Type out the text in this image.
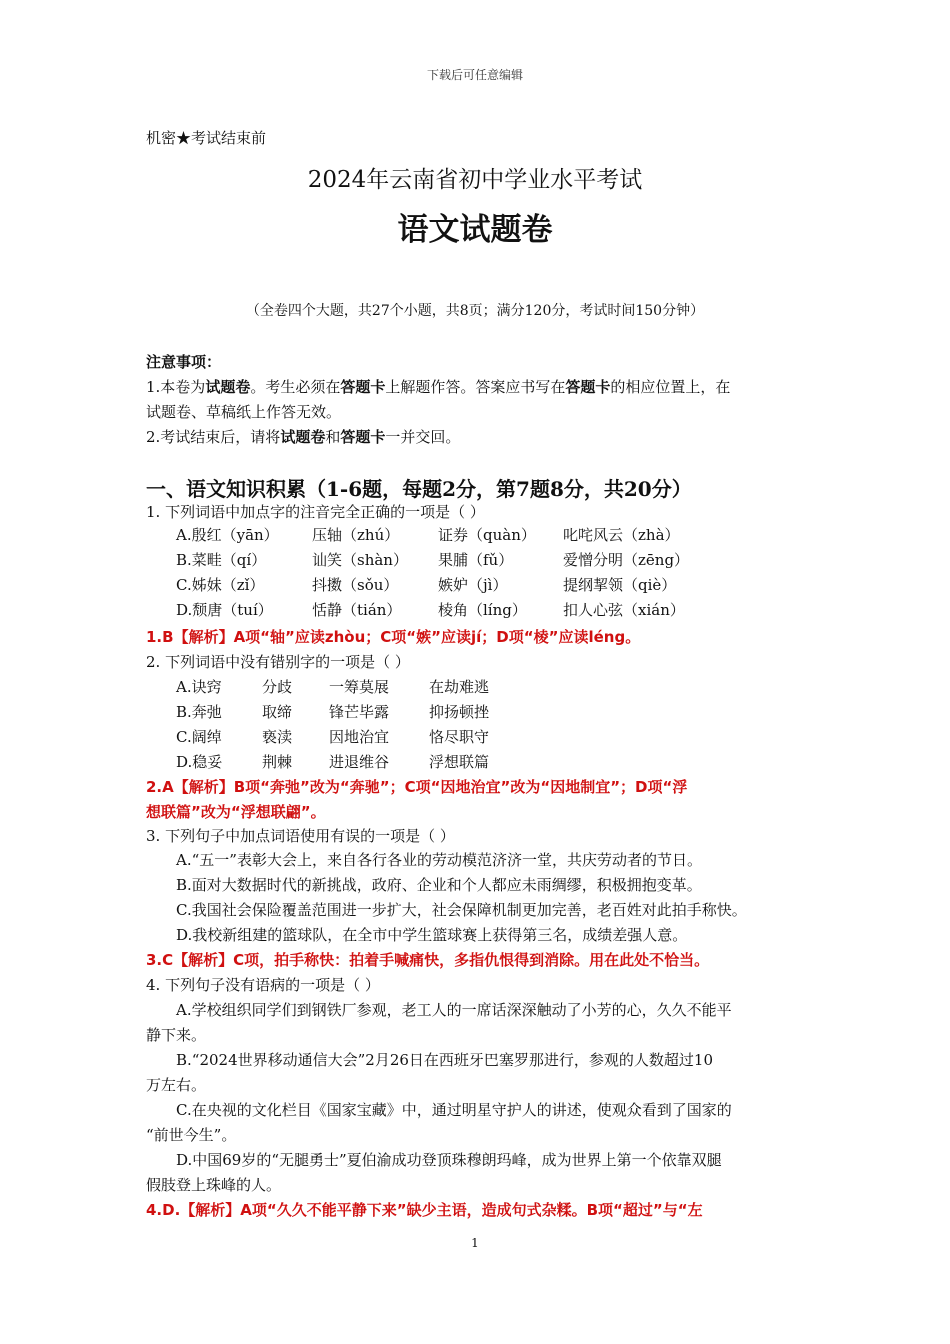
下载后可任意编辑
机密★考试结束前
2024年云南省初中学业水平考试
语文试题卷
（全卷四个大题，共27个小题，共8页；满分120分，考试时间150分钟）
注意事项：
1.本卷为试题卷。考生必须在答题卡上解题作答。答案应书写在答题卡的相应位置上，在
试题卷、草稿纸上作答无效。
2.考试结束后，请将试题卷和答题卡一并交回。
一、语文知识积累（1-6题，每题2分，第7题8分，共20分）
1. 下列词语中加点字的注音完全正确的一项是（ ）
A.殷红（yān） 压轴（zhú）	证券（quàn） 叱咤风云（zhà）
B.菜畦（qí）	讪笑（shàn） 果脯（fǔ）	爱憎分明（zēng）
C.姊妹（zǐ）	抖擞（sǒu）	嫉妒（jì）	提纲挈领（qiè）
D.颓唐（tuí）	恬静（tián） 棱角（líng） 扣人心弦（xián）
1.B【解析】A项“轴”应读zhòu；C项“嫉”应读jí；D项“棱”应读léng。
2. 下列词语中没有错别字的一项是（ ）
A.诀窍	分歧 一筹莫展	在劫难逃
B.奔弛	取缔 锋芒毕露	抑扬顿挫
C.阔绰	亵渎 因地治宜	恪尽职守
D.稳妥	荆棘 进退维谷	浮想联篇
2.A【解析】B项“奔弛”改为“奔驰”；C项“因地治宜”改为“因地制宜”；D项“浮
想联篇”改为“浮想联翩”。
3. 下列句子中加点词语使用有误的一项是（ ）
A.“五一”表彰大会上，来自各行各业的劳动模范济济一堂，共庆劳动者的节日。
B.面对大数据时代的新挑战，政府、企业和个人都应未雨绸缪，积极拥抱变革。
C.我国社会保险覆盖范围进一步扩大，社会保障机制更加完善，老百姓对此拍手称快。
D.我校新组建的篮球队，在全市中学生篮球赛上获得第三名，成绩差强人意。
3.C【解析】C项，拍手称快：拍着手喊痛快，多指仇恨得到消除。用在此处不恰当。
4. 下列句子没有语病的一项是（ ）
A.学校组织同学们到钢铁厂参观，老工人的一席话深深触动了小芳的心，久久不能平
静下来。
B.“2024世界移动通信大会”2月26日在西班牙巴塞罗那进行，参观的人数超过10
万左右。
C.在央视的文化栏目《国家宝藏》中，通过明星守护人的讲述，使观众看到了国家的
“前世今生”。
D.中国69岁的“无腿勇士”夏伯渝成功登顶珠穆朗玛峰，成为世界上第一个依靠双腿
假肢登上珠峰的人。
4.D.【解析】A项“久久不能平静下来”缺少主语，造成句式杂糅。B项“超过”与“左
1
